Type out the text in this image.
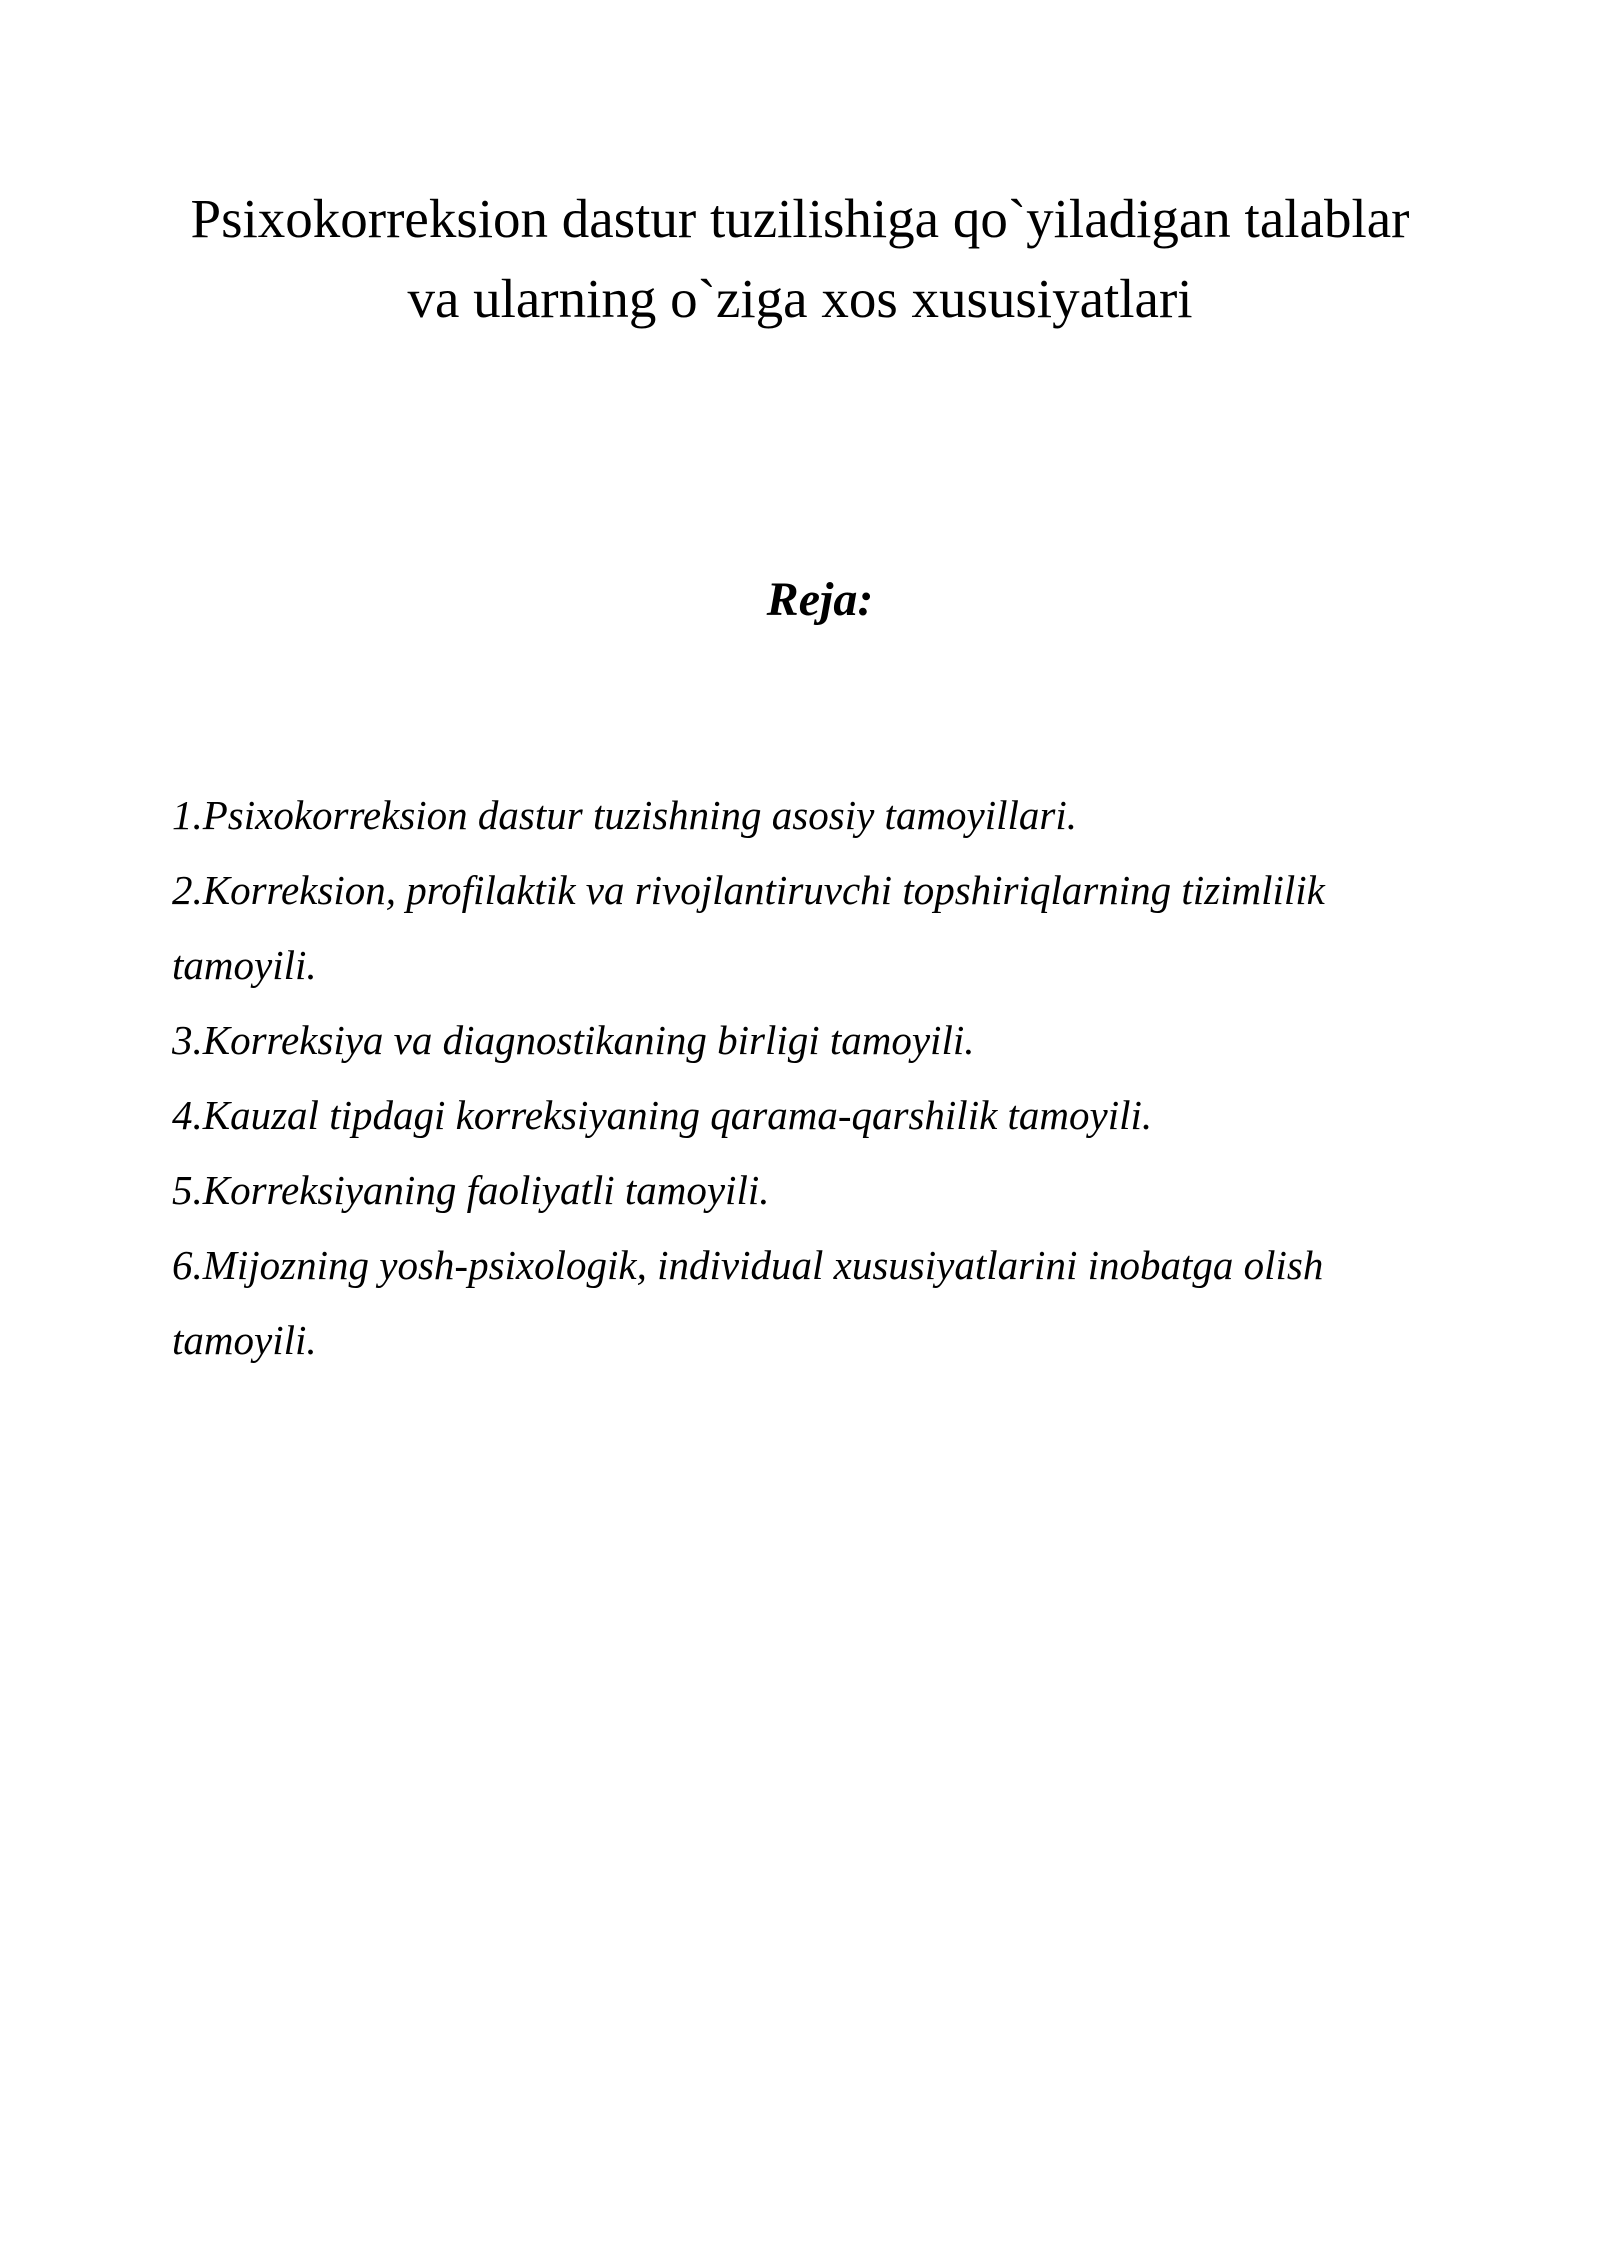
Psixokorreksion dastur tuzilishiga qo`yiladigan talablar
va ularning o`ziga xos xususiyatlari
Reja:
1.Psixokorreksion dastur tuzishning asosiy tamoyillari.
2.Korreksion, profilaktik va rivojlantiruvchi topshiriqlarning tizimlilik
tamoyili.
3.Korreksiya va diagnostikaning birligi tamoyili.
4.Kauzal tipdagi korreksiyaning qarama-qarshilik tamoyili.
5.Korreksiyaning faoliyatli tamoyili.
6.Mijozning yosh-psixologik, individual xususiyatlarini inobatga olish
tamoyili.
